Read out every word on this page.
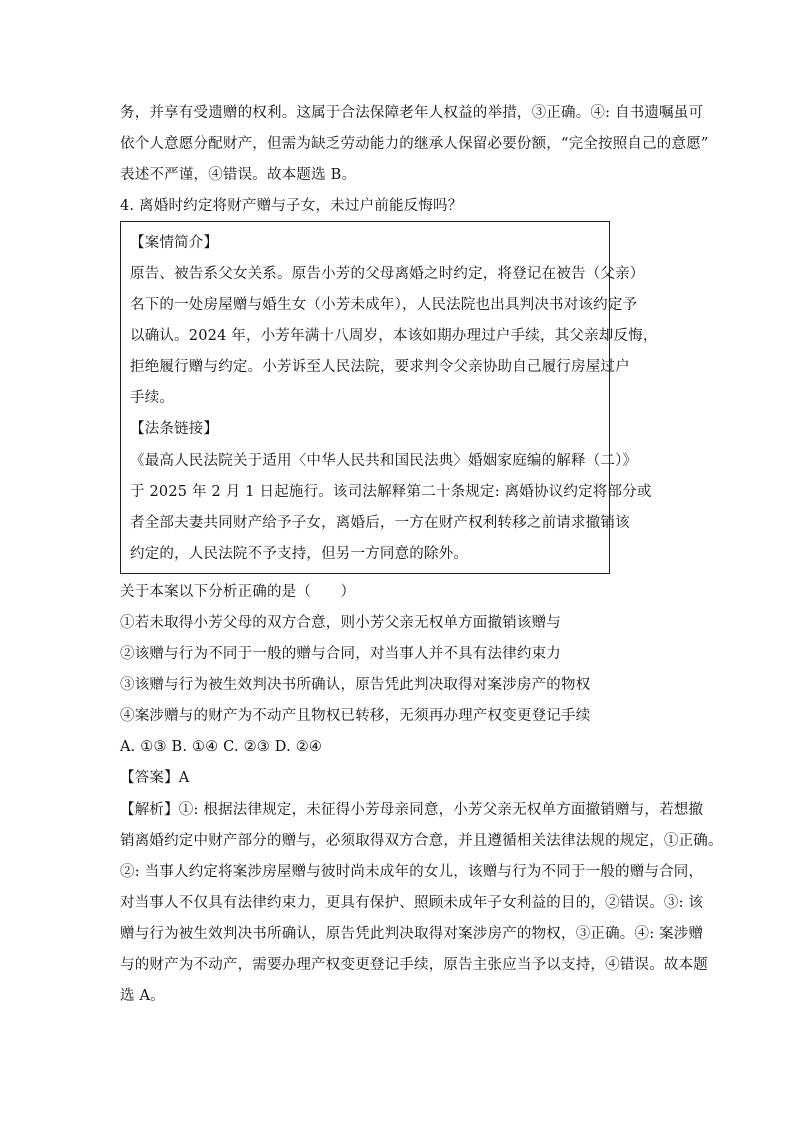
务，并享有受遗赠的权利。这属于合法保障老年人权益的举措，③正确。④: 自书遗嘱虽可
依个人意愿分配财产，但需为缺乏劳动能力的继承人保留必要份额，“完全按照自己的意愿”
表述不严谨，④错误。故本题选 B。
4. 离婚时约定将财产赠与子女，未过户前能反悔吗？
【案情简介】
原告、被告系父女关系。原告小芳的父母离婚之时约定，将登记在被告（父亲）
名下的一处房屋赠与婚生女（小芳未成年），人民法院也出具判决书对该约定予
以确认。2024 年，小芳年满十八周岁，本该如期办理过户手续，其父亲却反悔，
拒绝履行赠与约定。小芳诉至人民法院，要求判令父亲协助自己履行房屋过户
手续。
【法条链接】
《最高人民法院关于适用〈中华人民共和国民法典〉婚姻家庭编的解释（二）》
于 2025 年 2 月 1 日起施行。该司法解释第二十条规定: 离婚协议约定将部分或
者全部夫妻共同财产给予子女，离婚后，一方在财产权利转移之前请求撤销该
约定的，人民法院不予支持，但另一方同意的除外。
关于本案以下分析正确的是（　　）
①若未取得小芳父母的双方合意，则小芳父亲无权单方面撤销该赠与
②该赠与行为不同于一般的赠与合同，对当事人并不具有法律约束力
③该赠与行为被生效判决书所确认，原告凭此判决取得对案涉房产的物权
④案涉赠与的财产为不动产且物权已转移，无须再办理产权变更登记手续
A. ①③ B. ①④ C. ②③ D. ②④
【答案】A
【解析】①: 根据法律规定，未征得小芳母亲同意，小芳父亲无权单方面撤销赠与，若想撤
销离婚约定中财产部分的赠与，必须取得双方合意，并且遵循相关法律法规的规定，①正确。
②: 当事人约定将案涉房屋赠与彼时尚未成年的女儿，该赠与行为不同于一般的赠与合同，
对当事人不仅具有法律约束力，更具有保护、照顾未成年子女利益的目的，②错误。③: 该
赠与行为被生效判决书所确认，原告凭此判决取得对案涉房产的物权，③正确。④: 案涉赠
与的财产为不动产，需要办理产权变更登记手续，原告主张应当予以支持，④错误。故本题
选 A。
